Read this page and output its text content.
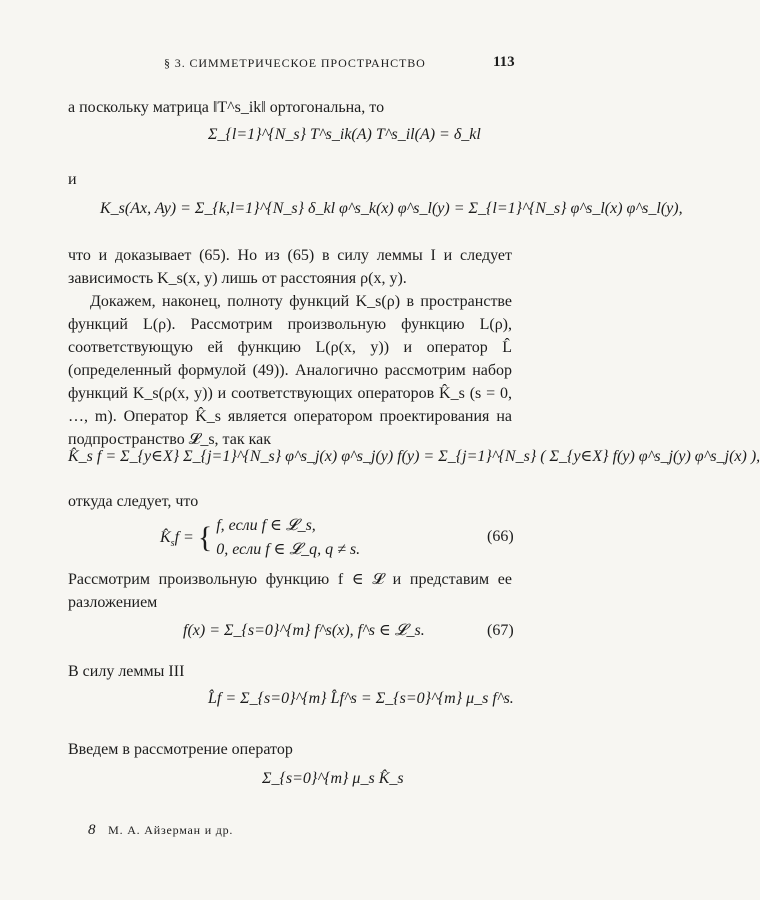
§ 3. СИММЕТРИЧЕСКОЕ ПРОСТРАНСТВО	113

а поскольку матрица ‖T^s_ik‖ ортогональна, то

Σ_{l=1}^{N_s} T^s_ik(A) T^s_il(A) = δ_kl

и

K_s(Ax, Ay) = Σ_{k,l=1}^{N_s} δ_kl φ^s_k(x) φ^s_l(y) = Σ_{l=1}^{N_s} φ^s_l(x) φ^s_l(y),

что и доказывает (65). Но из (65) в силу леммы I и следует зависимость K_s(x, y) лишь от расстояния ρ(x, y).

Докажем, наконец, полноту функций K_s(ρ) в пространстве функций L(ρ). Рассмотрим произвольную функцию L(ρ), соответствующую ей функцию L(ρ(x, y)) и оператор L̂ (определенный формулой (49)). Аналогично рассмотрим набор функций K_s(ρ(x, y)) и соответствующих операторов K̂_s (s = 0, …, m). Оператор K̂_s является оператором проектирования на подпространство 𝓛_s, так как

K̂_s f = Σ_{y∈X} Σ_{j=1}^{N_s} φ^s_j(x) φ^s_j(y) f(y) = Σ_{j=1}^{N_s} ( Σ_{y∈X} f(y) φ^s_j(y) φ^s_j(x) ),

откуда следует, что

$K̂_sf$ = { f, если f ∈ 𝓛_s,
0, если f ∈ 𝓛_q, q ≠ s.
(66)

Рассмотрим произвольную функцию f ∈ 𝓛 и представим ее разложением

f(x) = Σ_{s=0}^{m} f^s(x), f^s ∈ 𝓛_s.	(67)

В силу леммы III

L̂f = Σ_{s=0}^{m} L̂f^s = Σ_{s=0}^{m} μ_s f^s.

Введем в рассмотрение оператор

Σ_{s=0}^{m} μ_s K̂_s
8 М. А. Айзерман и др.
